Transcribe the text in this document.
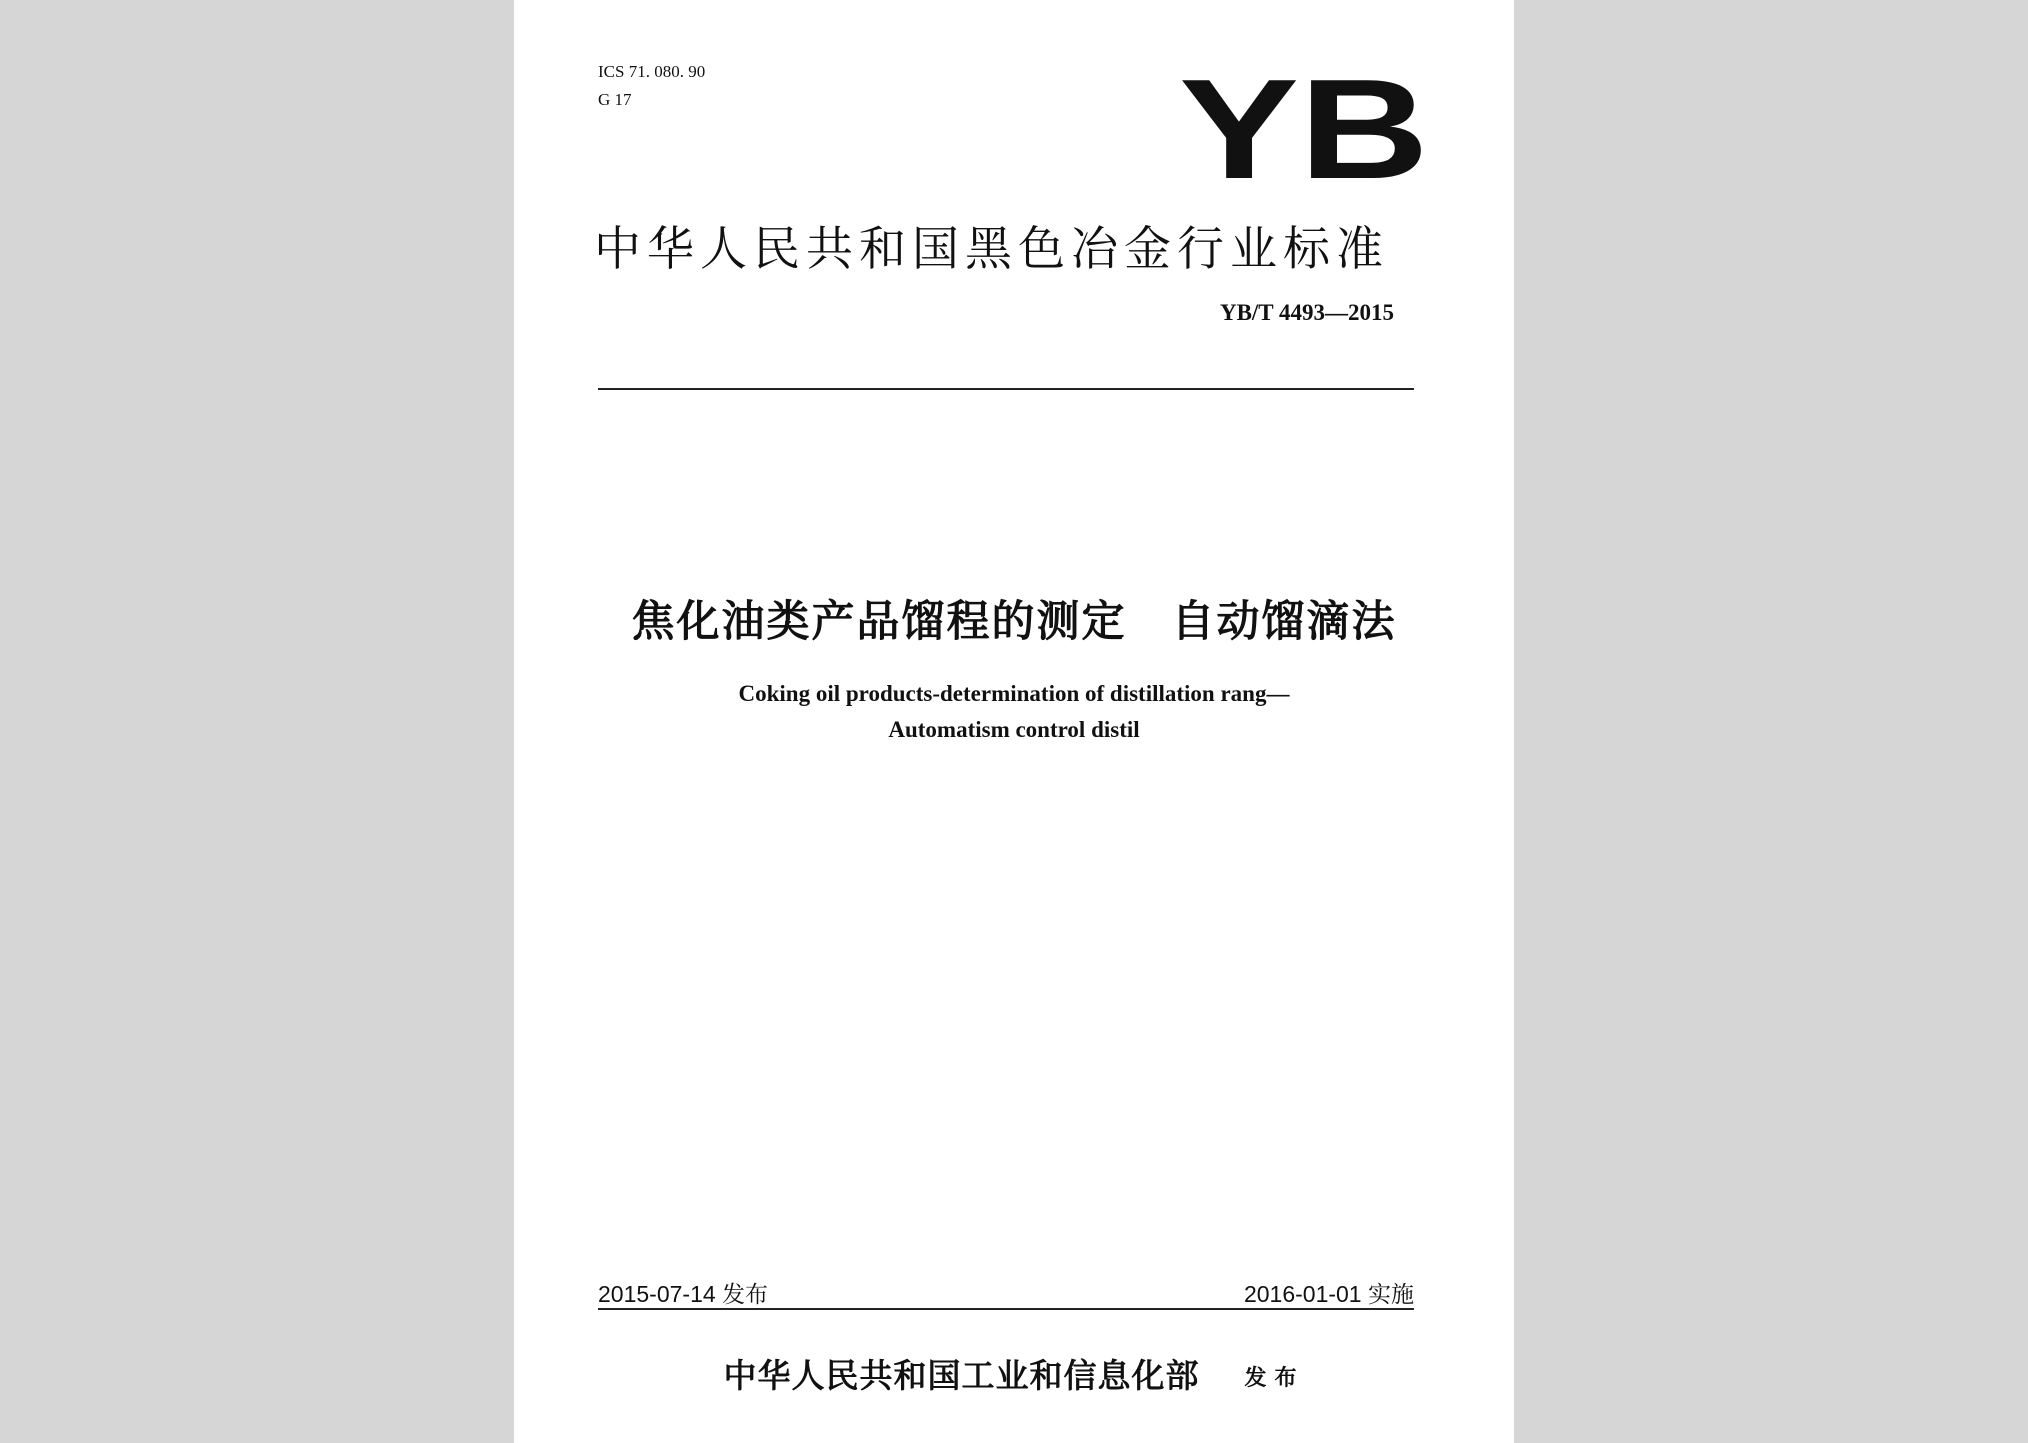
ICS 71. 080. 90
G 17	YB
中华人民共和国黑色冶金行业标准
YB/T 4493—2015
焦化油类产品馏程的测定　自动馏滴法
Coking oil products-determination of distillation rang—
Automatism control distil
2015-07-14 发布	2016-01-01 实施
中华人民共和国工业和信息化部 发布
